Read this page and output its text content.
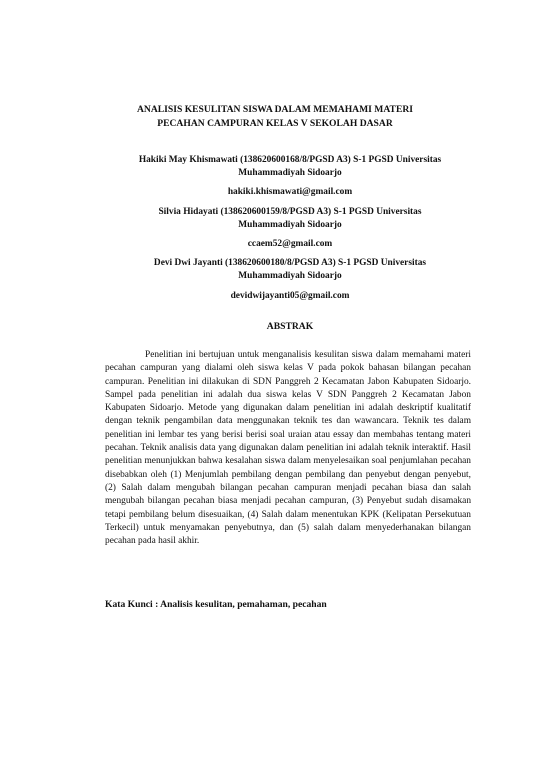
ANALISIS KESULITAN SISWA DALAM MEMAHAMI MATERI
PECAHAN CAMPURAN KELAS V SEKOLAH DASAR
Hakiki May Khismawati (138620600168/8/PGSD A3) S-1 PGSD Universitas
Muhammadiyah Sidoarjo
hakiki.khismawati@gmail.com
Silvia Hidayati (138620600159/8/PGSD A3) S-1 PGSD Universitas
Muhammadiyah Sidoarjo
ccaem52@gmail.com
Devi Dwi Jayanti (138620600180/8/PGSD A3) S-1 PGSD Universitas
Muhammadiyah Sidoarjo
devidwijayanti05@gmail.com
ABSTRAK

Penelitian ini bertujuan untuk menganalisis kesulitan siswa dalam memahami materi pecahan campuran yang dialami oleh siswa kelas V pada pokok bahasan bilangan pecahan campuran. Penelitian ini dilakukan di SDN Panggreh 2 Kecamatan Jabon Kabupaten Sidoarjo. Sampel pada penelitian ini adalah dua siswa kelas V SDN Panggreh 2 Kecamatan Jabon Kabupaten Sidoarjo. Metode yang digunakan dalam penelitian ini adalah deskriptif kualitatif dengan teknik pengambilan data menggunakan teknik tes dan wawancara. Teknik tes dalam penelitian ini lembar tes yang berisi berisi soal uraian atau essay dan membahas tentang materi pecahan. Teknik analisis data yang digunakan dalam penelitian ini adalah teknik interaktif. Hasil penelitian menunjukkan bahwa kesalahan siswa dalam menyelesaikan soal penjumlahan pecahan disebabkan oleh (1) Menjumlah pembilang dengan pembilang dan penyebut dengan penyebut, (2) Salah dalam mengubah bilangan pecahan campuran menjadi pecahan biasa dan salah mengubah bilangan pecahan biasa menjadi pecahan campuran, (3) Penyebut sudah disamakan tetapi pembilang belum disesuaikan, (4) Salah dalam menentukan KPK (Kelipatan Persekutuan Terkecil) untuk menyamakan penyebutnya, dan (5) salah dalam menyederhanakan bilangan pecahan pada hasil akhir.

Kata Kunci : Analisis kesulitan, pemahaman, pecahan
